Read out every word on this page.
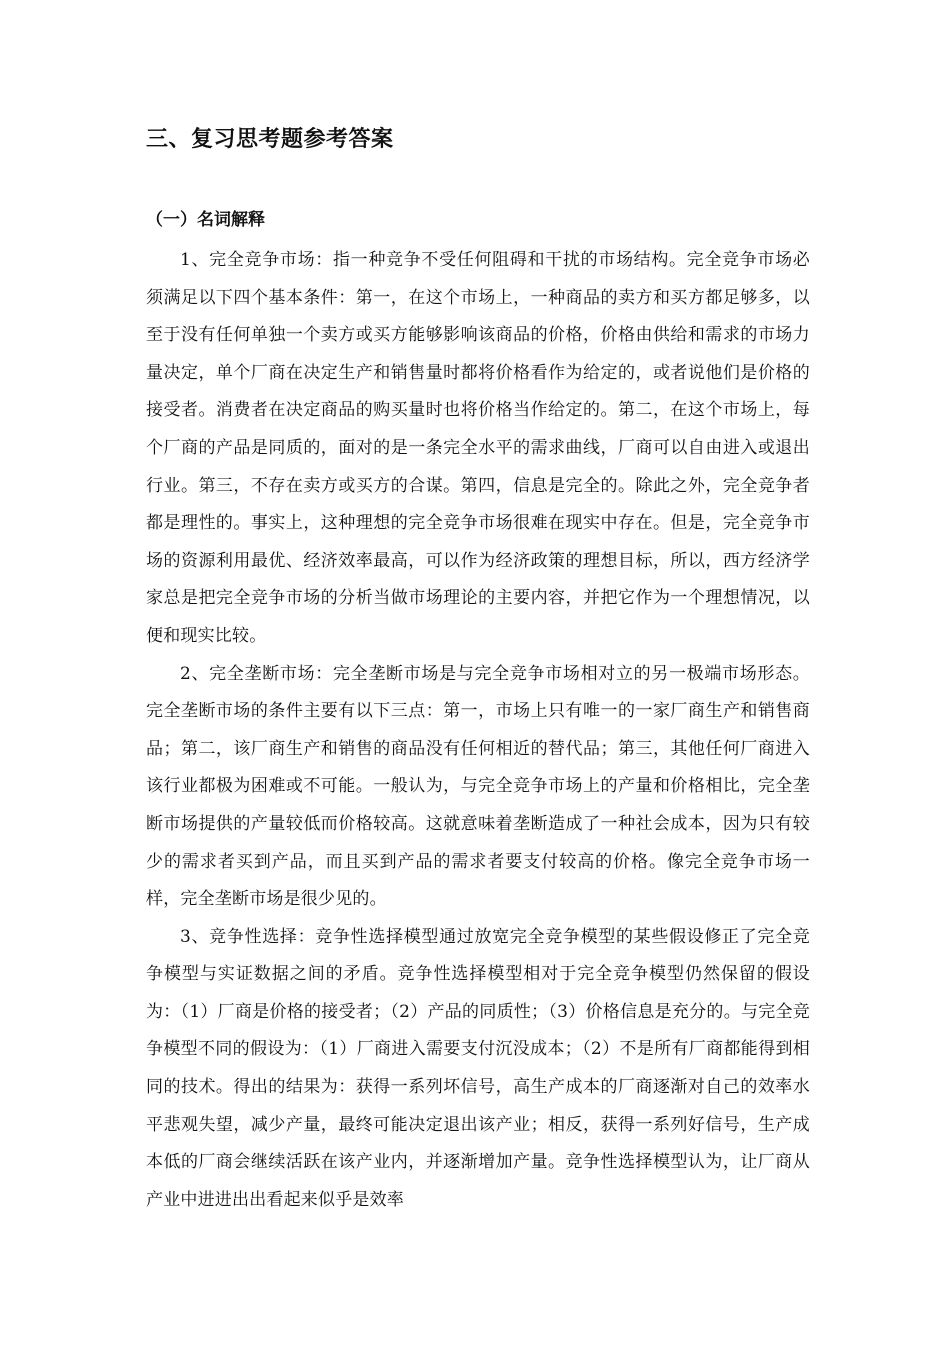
三、复习思考题参考答案
（一）名词解释

1、完全竞争市场：指一种竞争不受任何阻碍和干扰的市场结构。完全竞争市场必须满足以下四个基本条件：第一，在这个市场上，一种商品的卖方和买方都足够多，以至于没有任何单独一个卖方或买方能够影响该商品的价格，价格由供给和需求的市场力量决定，单个厂商在决定生产和销售量时都将价格看作为给定的，或者说他们是价格的接受者。消费者在决定商品的购买量时也将价格当作给定的。第二，在这个市场上，每个厂商的产品是同质的，面对的是一条完全水平的需求曲线，厂商可以自由进入或退出行业。第三，不存在卖方或买方的合谋。第四，信息是完全的。除此之外，完全竞争者都是理性的。事实上，这种理想的完全竞争市场很难在现实中存在。但是，完全竞争市场的资源利用最优、经济效率最高，可以作为经济政策的理想目标，所以，西方经济学家总是把完全竞争市场的分析当做市场理论的主要内容，并把它作为一个理想情况，以便和现实比较。

2、完全垄断市场：完全垄断市场是与完全竞争市场相对立的另一极端市场形态。完全垄断市场的条件主要有以下三点：第一，市场上只有唯一的一家厂商生产和销售商品；第二，该厂商生产和销售的商品没有任何相近的替代品；第三，其他任何厂商进入该行业都极为困难或不可能。一般认为，与完全竞争市场上的产量和价格相比，完全垄断市场提供的产量较低而价格较高。这就意味着垄断造成了一种社会成本，因为只有较少的需求者买到产品，而且买到产品的需求者要支付较高的价格。像完全竞争市场一样，完全垄断市场是很少见的。

3、竞争性选择：竞争性选择模型通过放宽完全竞争模型的某些假设修正了完全竞争模型与实证数据之间的矛盾。竞争性选择模型相对于完全竞争模型仍然保留的假设为：（1）厂商是价格的接受者；（2）产品的同质性；（3）价格信息是充分的。与完全竞争模型不同的假设为：（1）厂商进入需要支付沉没成本；（2）不是所有厂商都能得到相同的技术。得出的结果为：获得一系列坏信号，高生产成本的厂商逐渐对自己的效率水平悲观失望，减少产量，最终可能决定退出该产业；相反，获得一系列好信号，生产成本低的厂商会继续活跃在该产业内，并逐渐增加产量。竞争性选择模型认为，让厂商从产业中进进出出看起来似乎是效率
